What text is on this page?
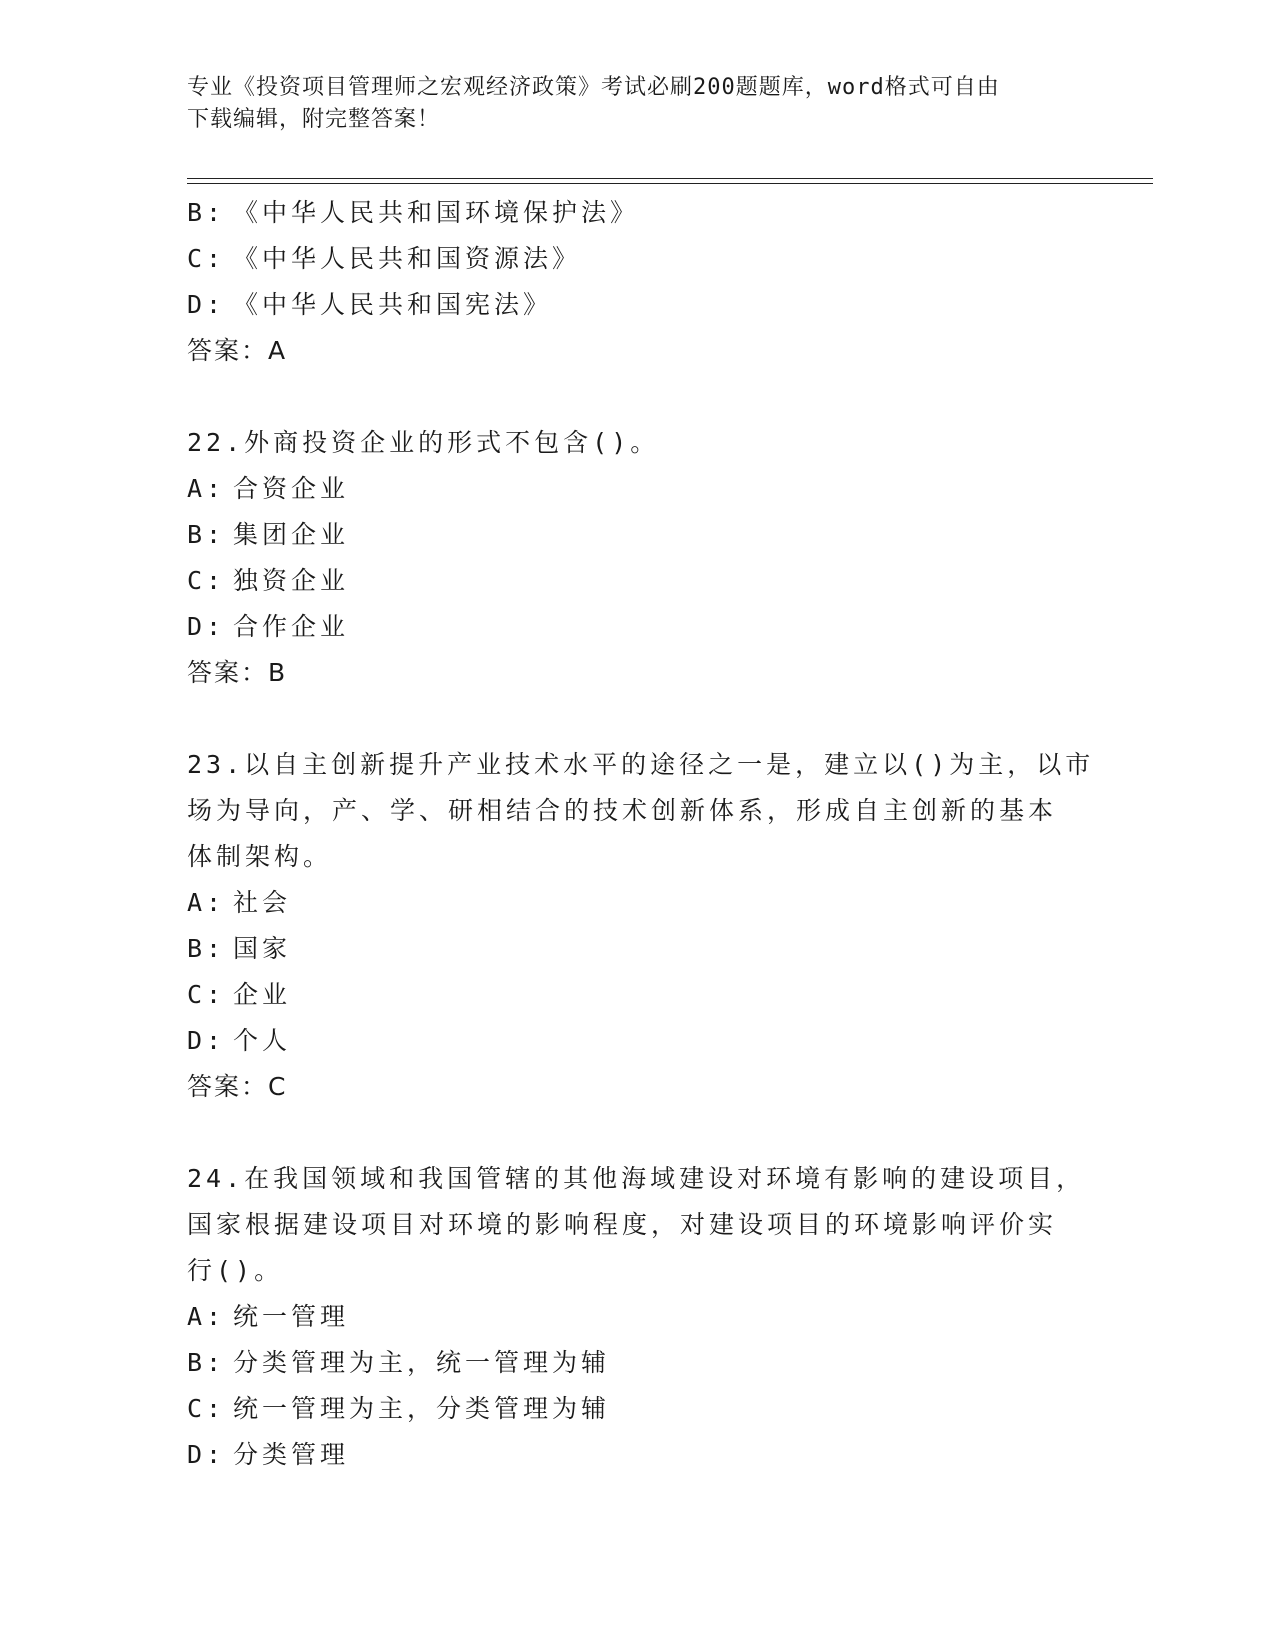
专业《投资项目管理师之宏观经济政策》考试必刷200题题库，word格式可自由
下载编辑，附完整答案！
B: 《中华人民共和国环境保护法》
C: 《中华人民共和国资源法》
D: 《中华人民共和国宪法》
答案：A
22.外商投资企业的形式不包含()。
A: 合资企业
B: 集团企业
C: 独资企业
D: 合作企业
答案：B
23.以自主创新提升产业技术水平的途径之一是，建立以()为主，以市
场为导向，产、学、研相结合的技术创新体系，形成自主创新的基本
体制架构。
A: 社会
B: 国家
C: 企业
D: 个人
答案：C
24.在我国领域和我国管辖的其他海域建设对环境有影响的建设项目，
国家根据建设项目对环境的影响程度，对建设项目的环境影响评价实
行()。
A: 统一管理
B: 分类管理为主，统一管理为辅
C: 统一管理为主，分类管理为辅
D: 分类管理
